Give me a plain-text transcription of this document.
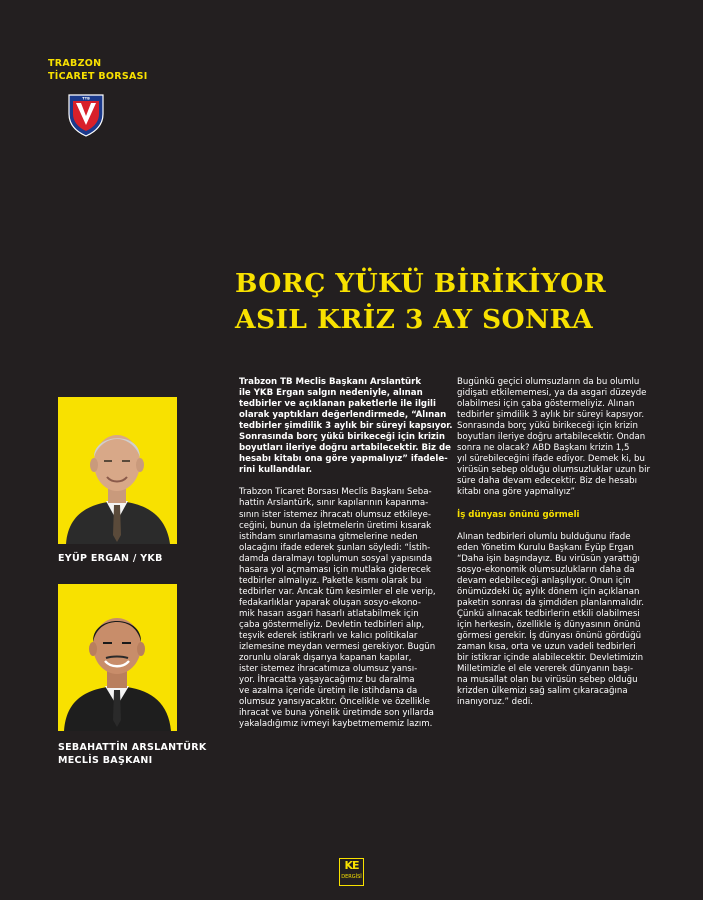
TRABZON
TİCARET BORSASI
TTB
BORÇ YÜKÜ BİRİKİYOR
ASIL KRİZ 3 AY SONRA
EYÜP ERGAN / YKB
SEBAHATTİN ARSLANTÜRK
MECLİS BAŞKANI
Trabzon TB Meclis Başkanı Arslantürk
ile YKB Ergan salgın nedeniyle, alınan
tedbirler ve açıklanan paketlerle ile ilgili
olarak yaptıkları değerlendirmede, “Alınan
tedbirler şimdilik 3 aylık bir süreyi kapsıyor.
Sonrasında borç yükü birikeceği için krizin
boyutları ileriye doğru artabilecektir. Biz de
hesabı kitabı ona göre yapmalıyız” ifadele-
rini kullandılar.
Trabzon Ticaret Borsası Meclis Başkanı Seba-
hattin Arslantürk, sınır kapılarının kapanma-
sının ister istemez ihracatı olumsuz etkileye-
ceğini, bunun da işletmelerin üretimi kısarak
istihdam sınırlamasına gitmelerine neden
olacağını ifade ederek şunları söyledi: “İstih-
damda daralmayı toplumun sosyal yapısında
hasara yol açmaması için mutlaka giderecek
tedbirler almalıyız. Paketle kısmı olarak bu
tedbirler var. Ancak tüm kesimler el ele verip,
fedakarlıklar yaparak oluşan sosyo-ekono-
mik hasarı asgari hasarlı atlatabilmek için
çaba göstermeliyiz. Devletin tedbirleri alıp,
teşvik ederek istikrarlı ve kalıcı politikalar
izlemesine meydan vermesi gerekiyor. Bugün
zorunlu olarak dışarıya kapanan kapılar,
ister istemez ihracatımıza olumsuz yansı-
yor. İhracatta yaşayacağımız bu daralma
ve azalma içeride üretim ile istihdama da
olumsuz yansıyacaktır. Öncelikle ve özellikle
ihracat ve buna yönelik üretimde son yıllarda
yakaladığımız ivmeyi kaybetmememiz lazım.
Bugünkü geçici olumsuzların da bu olumlu
gidişatı etkilememesi, ya da asgari düzeyde
olabilmesi için çaba göstermeliyiz. Alınan
tedbirler şimdilik 3 aylık bir süreyi kapsıyor.
Sonrasında borç yükü birikeceği için krizin
boyutları ileriye doğru artabilecektir. Ondan
sonra ne olacak? ABD Başkanı krizin 1,5
yıl sürebileceğini ifade ediyor. Demek ki, bu
virüsün sebep olduğu olumsuzluklar uzun bir
süre daha devam edecektir. Biz de hesabı
kitabı ona göre yapmalıyız”
İş dünyası önünü görmeli
Alınan tedbirleri olumlu bulduğunu ifade
eden Yönetim Kurulu Başkanı Eyüp Ergan
“Daha işin başındayız. Bu virüsün yarattığı
sosyo-ekonomik olumsuzlukların daha da
devam edebileceği anlaşılıyor. Onun için
önümüzdeki üç aylık dönem için açıklanan
paketin sonrası da şimdiden planlanmalıdır.
Çünkü alınacak tedbirlerin etkili olabilmesi
için herkesin, özellikle iş dünyasının önünü
görmesi gerekir. İş dünyası önünü gördüğü
zaman kısa, orta ve uzun vadeli tedbirleri
bir istikrar içinde alabilecektir. Devletimizin
Milletimizle el ele vererek dünyanın başı-
na musallat olan bu virüsün sebep olduğu
krizden ülkemizi sağ salim çıkaracağına
inanıyoruz.” dedi.
KE
DERGİSİ
